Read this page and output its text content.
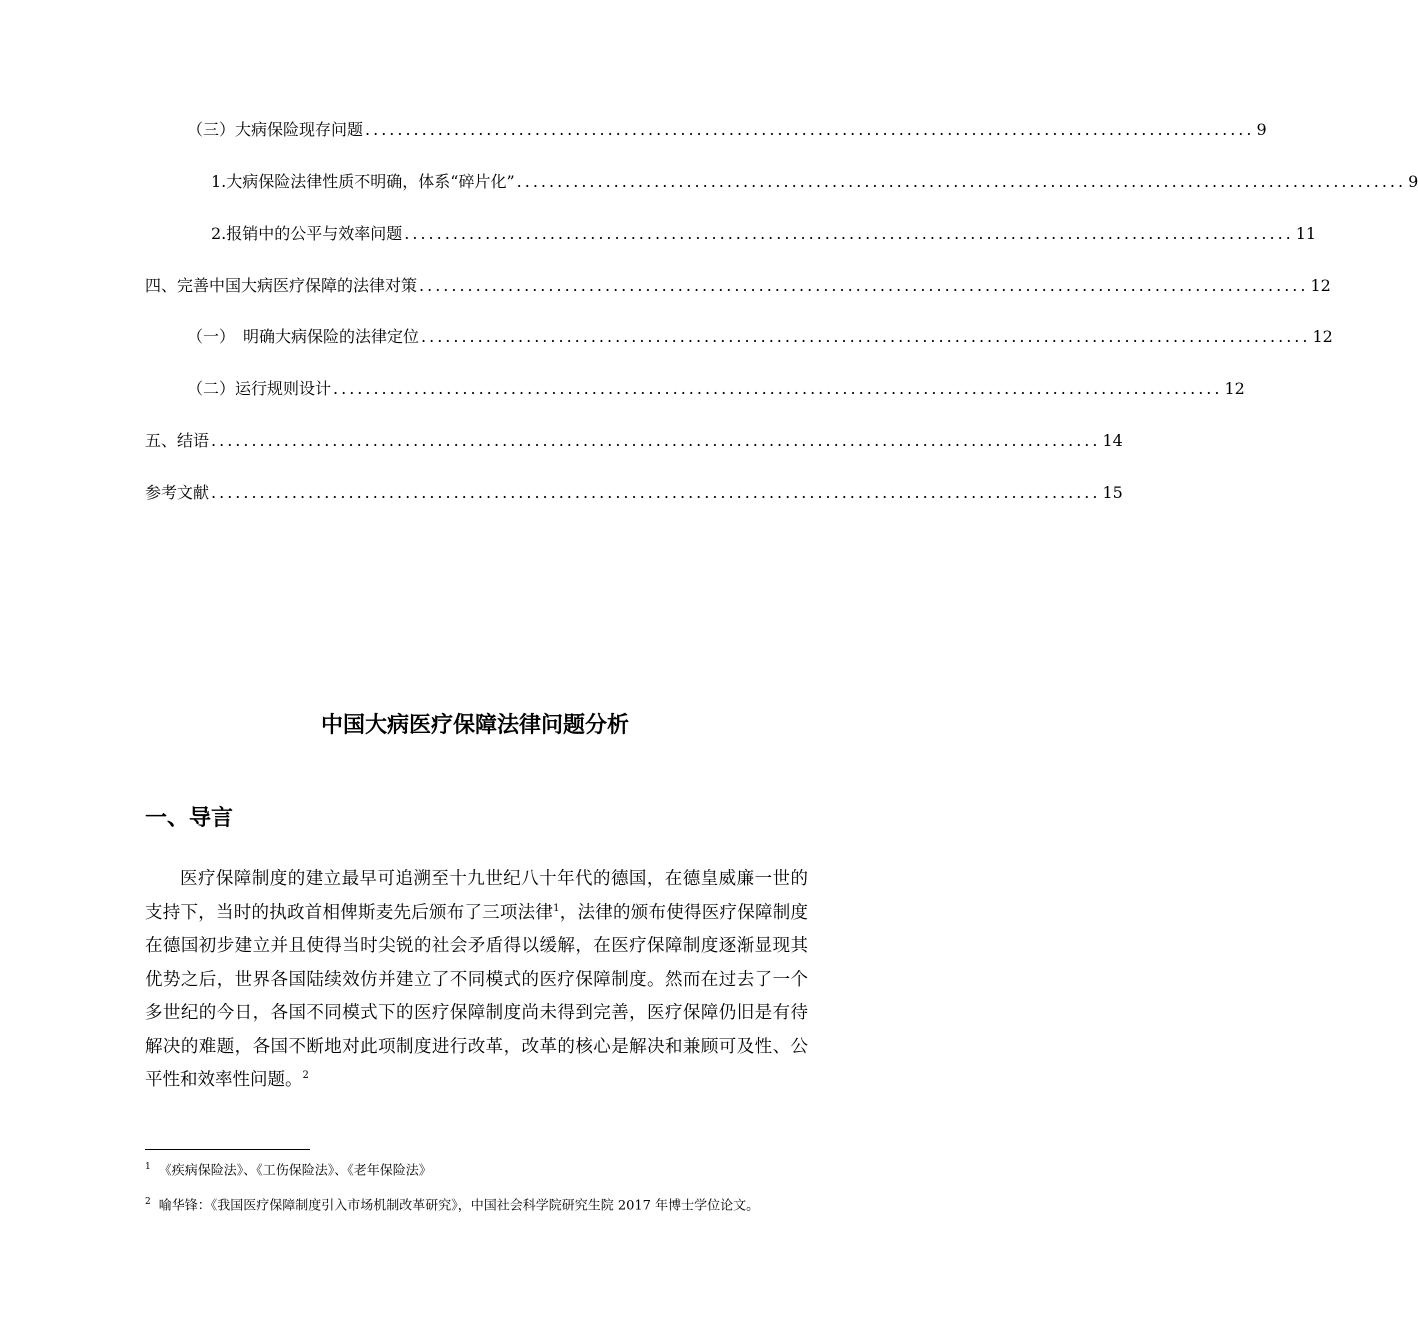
（三）大病保险现存问题 .............................................................................................................. 9
1.大病保险法律性质不明确，体系“碎片化” .............................................................................................................. 9
2.报销中的公平与效率问题 .............................................................................................................. 11
四、完善中国大病医疗保障的法律对策 .............................................................................................................. 12
（一）　明确大病保险的法律定位 .............................................................................................................. 12
（二）运行规则设计 .............................................................................................................. 12
五、结语 .............................................................................................................. 14
参考文献 .............................................................................................................. 15
中国大病医疗保障法律问题分析
一、导言

医疗保障制度的建立最早可追溯至十九世纪八十年代的德国，在德皇威廉一世的支持下，当时的执政首相俾斯麦先后颁布了三项法律$^1$，法律的颁布使得医疗保障制度在德国初步建立并且使得当时尖锐的社会矛盾得以缓解，在医疗保障制度逐渐显现其优势之后，世界各国陆续效仿并建立了不同模式的医疗保障制度。然而在过去了一个多世纪的今日，各国不同模式下的医疗保障制度尚未得到完善，医疗保障仍旧是有待解决的难题，各国不断地对此项制度进行改革，改革的核心是解决和兼顾可及性、公平性和效率性问题。$^2$

$^1$ 《疾病保险法》、《工伤保险法》、《老年保险法》

$^2$ 喻华锋：《我国医疗保障制度引入市场机制改革研究》，中国社会科学院研究生院 2017 年博士学位论文。
